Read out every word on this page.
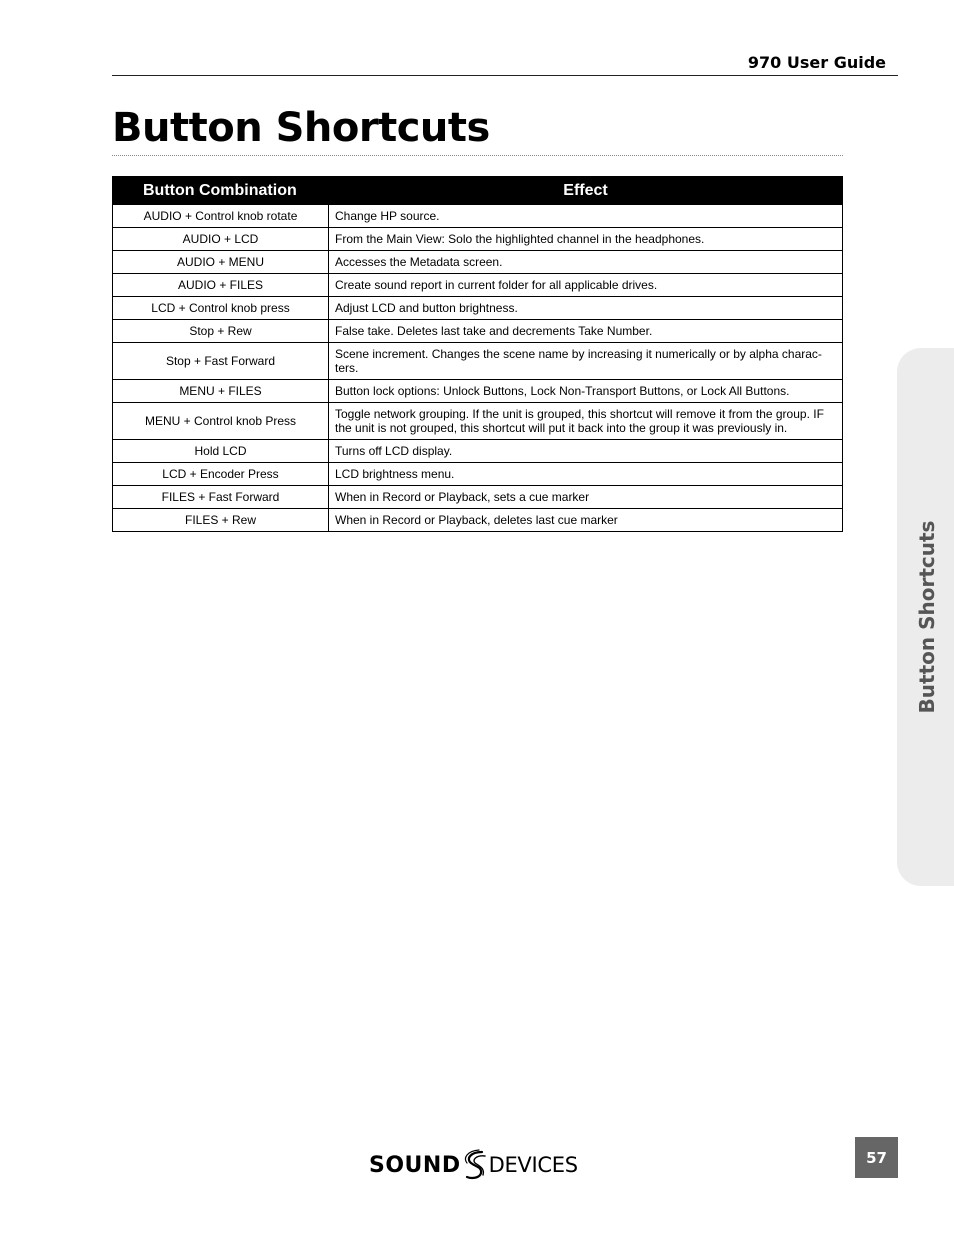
970 User Guide
Button Shortcuts
Button Combination	Effect
AUDIO + Control knob rotate	Change HP source.
AUDIO + LCD	From the Main View: Solo the highlighted channel in the headphones.
AUDIO + MENU	Accesses the Metadata screen.
AUDIO + FILES	Create sound report in current folder for all applicable drives.
LCD + Control knob press	Adjust LCD and button brightness.
Stop + Rew	False take. Deletes last take and decrements Take Number.
Stop + Fast Forward	Scene increment. Changes the scene name by increasing it numerically or by alpha charac-ters.
MENU + FILES	Button lock options: Unlock Buttons, Lock Non-Transport Buttons, or Lock All Buttons.
MENU + Control knob Press	Toggle network grouping. If the unit is grouped, this shortcut will remove it from the group. IF the unit is not grouped, this shortcut will put it back into the group it was previously in.
Hold LCD	Turns off LCD display.
LCD + Encoder Press	LCD brightness menu.
FILES + Fast Forward	When in Record or Playback, sets a cue marker
FILES + Rew	When in Record or Playback, deletes last cue marker
Button Shortcuts
SOUND DEVICES	57
